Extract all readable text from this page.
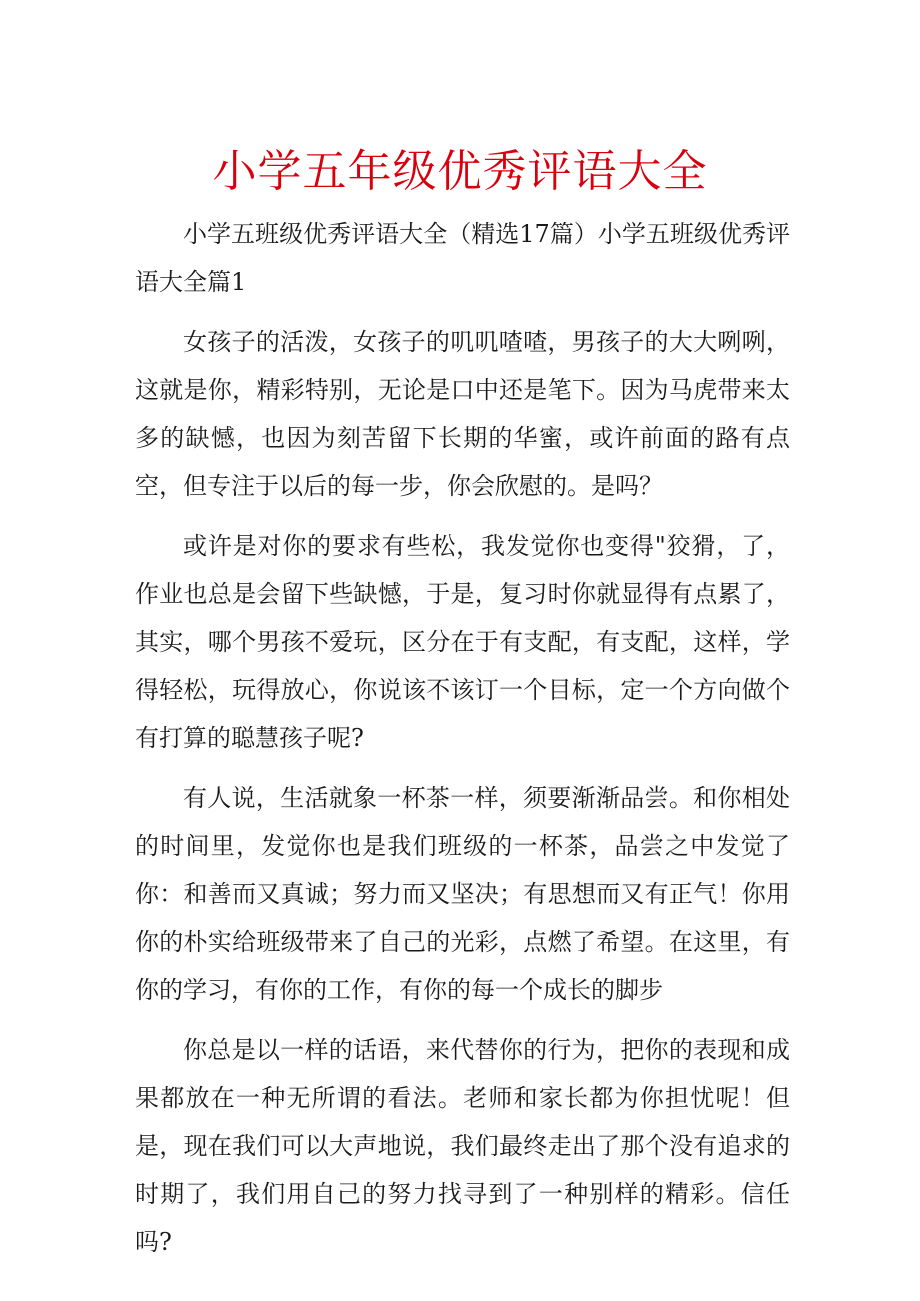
小学五年级优秀评语大全

小学五班级优秀评语大全（精选17篇）小学五班级优秀评语大全篇1

女孩子的活泼，女孩子的叽叽喳喳，男孩子的大大咧咧，这就是你，精彩特别，无论是口中还是笔下。因为马虎带来太多的缺憾，也因为刻苦留下长期的华蜜，或许前面的路有点空，但专注于以后的每一步，你会欣慰的。是吗？

或许是对你的要求有些松，我发觉你也变得"狡猾，了，作业也总是会留下些缺憾，于是，复习时你就显得有点累了，其实，哪个男孩不爱玩，区分在于有支配，有支配，这样，学得轻松，玩得放心，你说该不该订一个目标，定一个方向做个有打算的聪慧孩子呢?

有人说，生活就象一杯茶一样，须要渐渐品尝。和你相处的时间里，发觉你也是我们班级的一杯茶，品尝之中发觉了你：和善而又真诚；努力而又坚决；有思想而又有正气！你用你的朴实给班级带来了自己的光彩，点燃了希望。在这里，有你的学习，有你的工作，有你的每一个成长的脚步

你总是以一样的话语，来代替你的行为，把你的表现和成果都放在一种无所谓的看法。老师和家长都为你担忧呢！但是，现在我们可以大声地说，我们最终走出了那个没有追求的时期了，我们用自己的努力找寻到了一种别样的精彩。信任吗?
